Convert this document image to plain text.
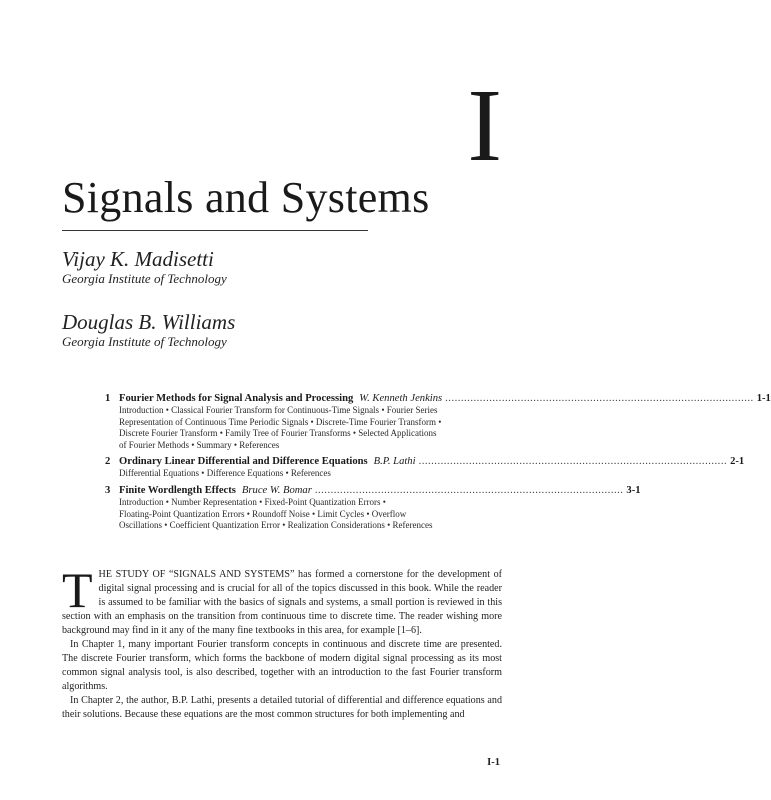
I
Signals and Systems
Vijay K. Madisetti
Georgia Institute of Technology
Douglas B. Williams
Georgia Institute of Technology
1 Fourier Methods for Signal Analysis and Processing W. Kenneth Jenkins .................................................................................................. 1-1
Introduction • Classical Fourier Transform for Continuous-Time Signals • Fourier Series
Representation of Continuous Time Periodic Signals • Discrete-Time Fourier Transform •
Discrete Fourier Transform • Family Tree of Fourier Transforms • Selected Applications
of Fourier Methods • Summary • References
2 Ordinary Linear Differential and Difference Equations B.P. Lathi .................................................................................................. 2-1
Differential Equations • Difference Equations • References
3 Finite Wordlength Effects Bruce W. Bomar .................................................................................................. 3-1
Introduction • Number Representation • Fixed-Point Quantization Errors •
Floating-Point Quantization Errors • Roundoff Noise • Limit Cycles • Overflow
Oscillations • Coefficient Quantization Error • Realization Considerations • References

THE STUDY OF “SIGNALS AND SYSTEMS” has formed a cornerstone for the development of digital signal processing and is crucial for all of the topics discussed in this book. While the reader is assumed to be familiar with the basics of signals and systems, a small portion is reviewed in this section with an emphasis on the transition from continuous time to discrete time. The reader wishing more background may find in it any of the many fine textbooks in this area, for example [1–6].

In Chapter 1, many important Fourier transform concepts in continuous and discrete time are presented. The discrete Fourier transform, which forms the backbone of modern digital signal processing as its most common signal analysis tool, is also described, together with an introduction to the fast Fourier transform algorithms.

In Chapter 2, the author, B.P. Lathi, presents a detailed tutorial of differential and difference equations and their solutions. Because these equations are the most common structures for both implementing and

I-1
